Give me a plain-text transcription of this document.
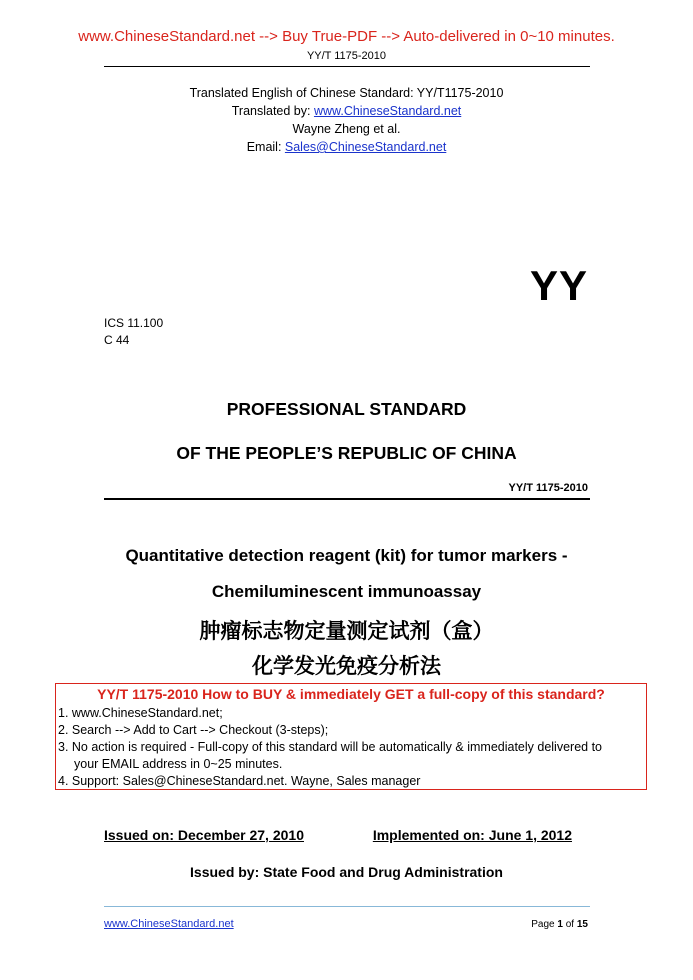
www.ChineseStandard.net --> Buy True-PDF --> Auto-delivered in 0~10 minutes.
YY/T 1175-2010
Translated English of Chinese Standard: YY/T1175-2010
Translated by: www.ChineseStandard.net
Wayne Zheng et al.
Email: Sales@ChineseStandard.net
YY
ICS 11.100
C 44
PROFESSIONAL STANDARD
OF THE PEOPLE’S REPUBLIC OF CHINA
YY/T 1175-2010
Quantitative detection reagent (kit) for tumor markers -
Chemiluminescent immunoassay
肿瘤标志物定量测定试剂（盒）
化学发光免疫分析法
YY/T 1175-2010 How to BUY & immediately GET a full-copy of this standard?
1. www.ChineseStandard.net;
2. Search --> Add to Cart --> Checkout (3-steps);
3. No action is required - Full-copy of this standard will be automatically & immediately delivered to
your EMAIL address in 0~25 minutes.
4. Support: Sales@ChineseStandard.net. Wayne, Sales manager
Issued on: December 27, 2010	Implemented on: June 1, 2012
Issued by: State Food and Drug Administration
www.ChineseStandard.net	Page 1 of 15
